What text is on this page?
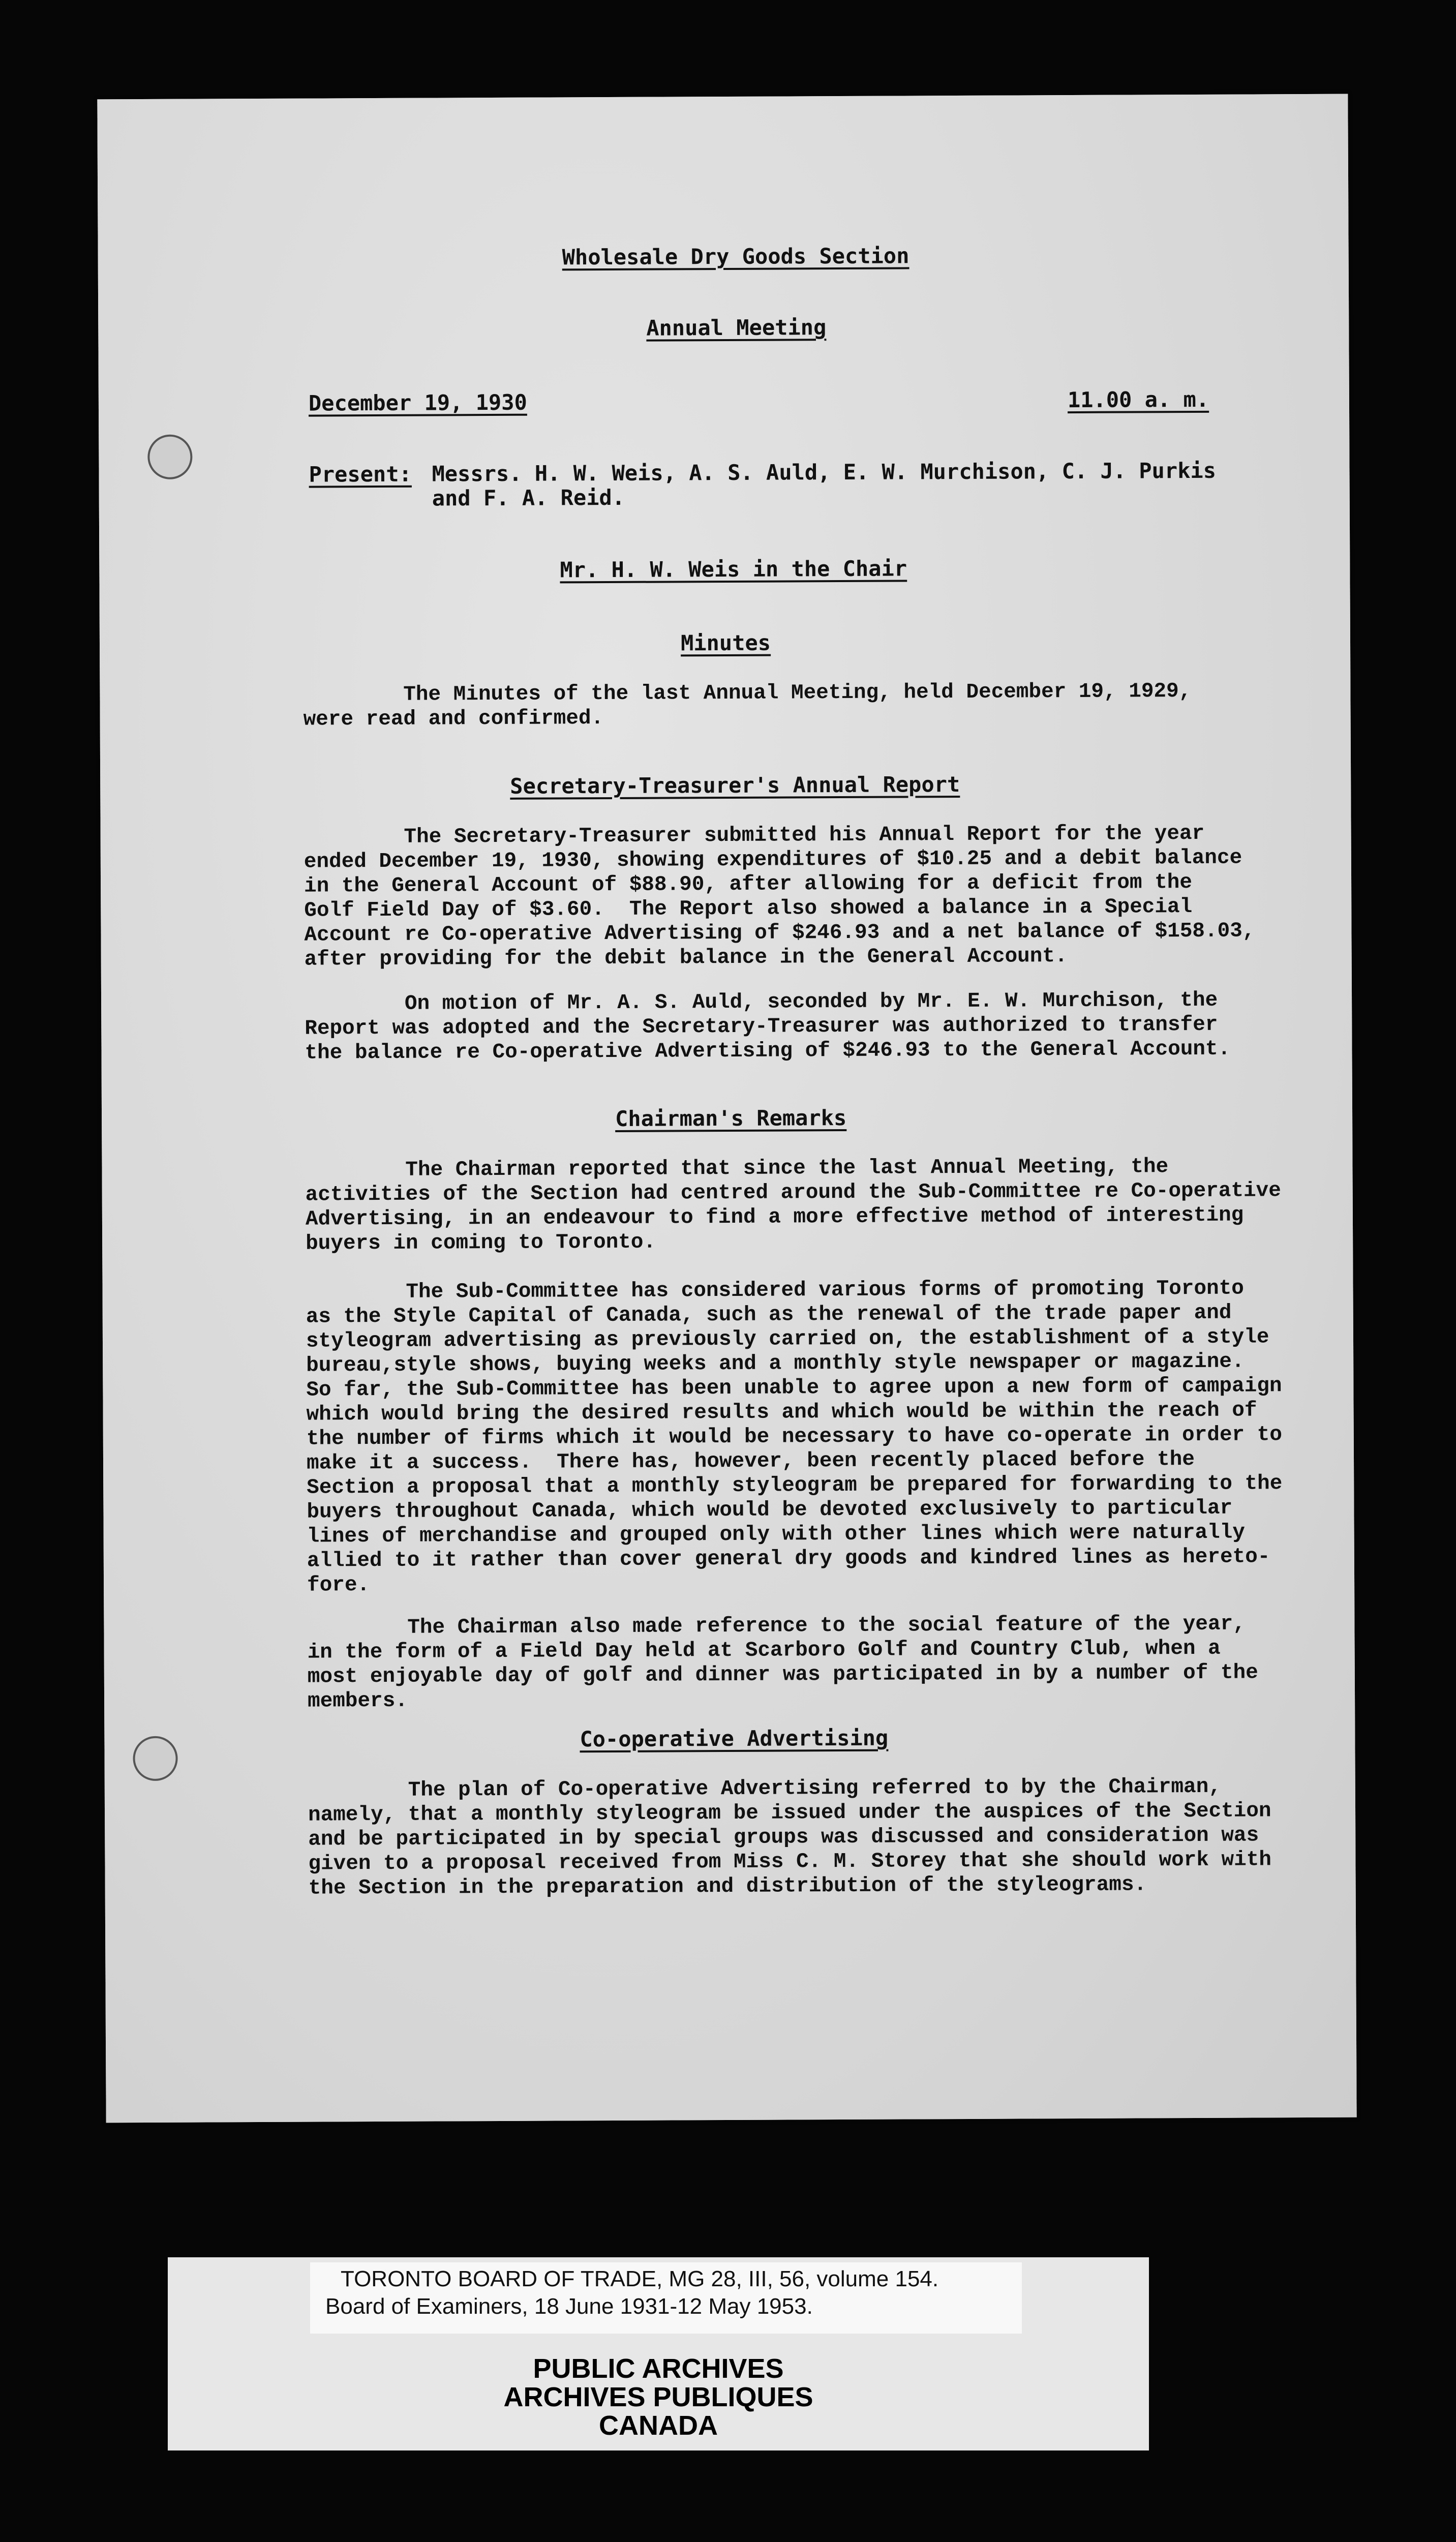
Wholesale Dry Goods Section
Annual Meeting
December 19, 1930	11.00 a. m.
Present: Messrs. H. W. Weis, A. S. Auld, E. W. Murchison, C. J. Purkis
and F. A. Reid.
Mr. H. W. Weis in the Chair
Minutes
The Minutes of the last Annual Meeting, held December 19, 1929,
were read and confirmed.
Secretary-Treasurer's Annual Report
The Secretary-Treasurer submitted his Annual Report for the year
ended December 19, 1930, showing expenditures of $10.25 and a debit balance
in the General Account of $88.90, after allowing for a deficit from the
Golf Field Day of $3.60.  The Report also showed a balance in a Special
Account re Co-operative Advertising of $246.93 and a net balance of $158.03,
after providing for the debit balance in the General Account.
On motion of Mr. A. S. Auld, seconded by Mr. E. W. Murchison, the
Report was adopted and the Secretary-Treasurer was authorized to transfer
the balance re Co-operative Advertising of $246.93 to the General Account.
Chairman's Remarks
The Chairman reported that since the last Annual Meeting, the
activities of the Section had centred around the Sub-Committee re Co-operative
Advertising, in an endeavour to find a more effective method of interesting
buyers in coming to Toronto.
The Sub-Committee has considered various forms of promoting Toronto
as the Style Capital of Canada, such as the renewal of the trade paper and
styleogram advertising as previously carried on, the establishment of a style
bureau,style shows, buying weeks and a monthly style newspaper or magazine.
So far, the Sub-Committee has been unable to agree upon a new form of campaign
which would bring the desired results and which would be within the reach of
the number of firms which it would be necessary to have co-operate in order to
make it a success.  There has, however, been recently placed before the
Section a proposal that a monthly styleogram be prepared for forwarding to the
buyers throughout Canada, which would be devoted exclusively to particular
lines of merchandise and grouped only with other lines which were naturally
allied to it rather than cover general dry goods and kindred lines as hereto-
fore.
The Chairman also made reference to the social feature of the year,
in the form of a Field Day held at Scarboro Golf and Country Club, when a
most enjoyable day of golf and dinner was participated in by a number of the
members.
Co-operative Advertising
The plan of Co-operative Advertising referred to by the Chairman,
namely, that a monthly styleogram be issued under the auspices of the Section
and be participated in by special groups was discussed and consideration was
given to a proposal received from Miss C. M. Storey that she should work with
the Section in the preparation and distribution of the styleograms.
TORONTO BOARD OF TRADE, MG 28, III, 56, volume 154.
Board of Examiners, 18 June 1931-12 May 1953.
PUBLIC ARCHIVES
ARCHIVES PUBLIQUES
CANADA
